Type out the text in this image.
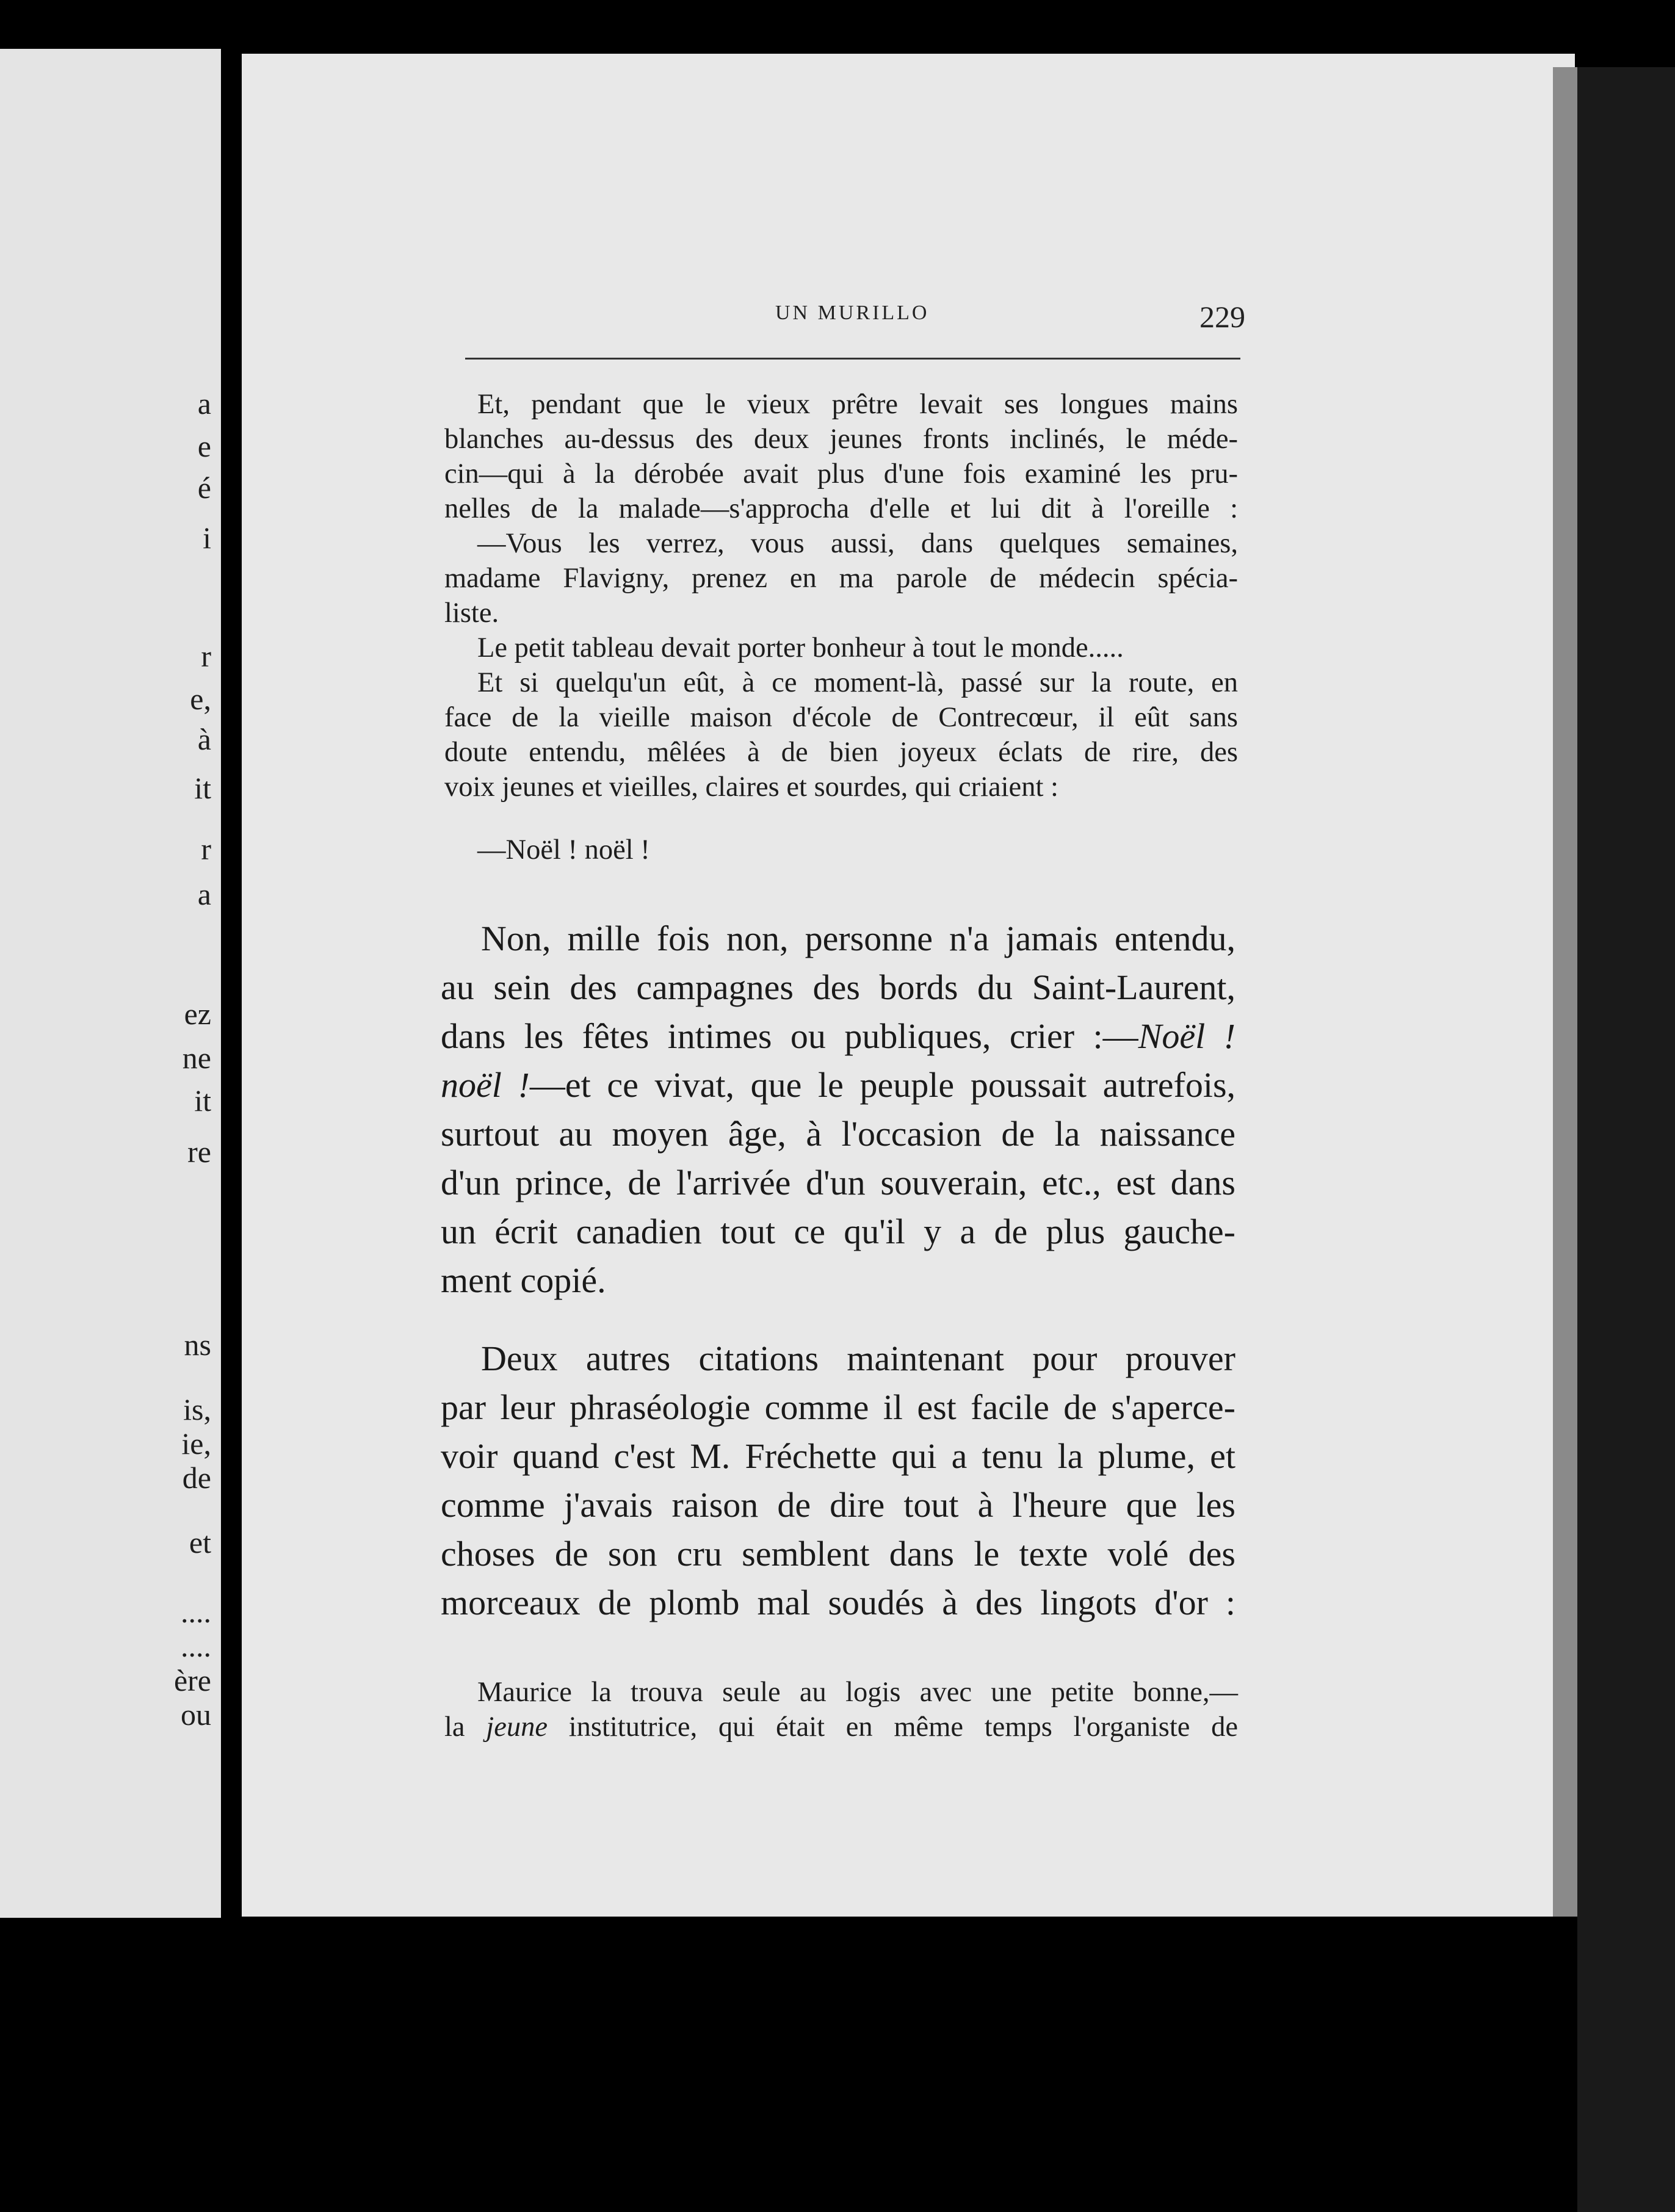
a
e
é
i
r
e,
à
it
r
a
ez
ne
it
re
ns
is,
ie,
de
et
....
....
ère
ou
UN MURILLO	229

Et, pendant que le vieux prêtre levait ses longues mains
blanches au-dessus des deux jeunes fronts inclinés, le méde-
cin—qui à la dérobée avait plus d'une fois examiné les pru-
nelles de la malade—s'approcha d'elle et lui dit à l'oreille :
—Vous les verrez, vous aussi, dans quelques semaines,
madame Flavigny, prenez en ma parole de médecin spécia-
liste.
Le petit tableau devait porter bonheur à tout le monde.....
Et si quelqu'un eût, à ce moment-là, passé sur la route, en
face de la vieille maison d'école de Contrecœur, il eût sans
doute entendu, mêlées à de bien joyeux éclats de rire, des
voix jeunes et vieilles, claires et sourdes, qui criaient :

—Noël ! noël !

Non, mille fois non, personne n'a jamais entendu,
au sein des campagnes des bords du Saint-Laurent,
dans les fêtes intimes ou publiques, crier :—Noël !
noël !—et ce vivat, que le peuple poussait autrefois,
surtout au moyen âge, à l'occasion de la naissance
d'un prince, de l'arrivée d'un souverain, etc., est dans
un écrit canadien tout ce qu'il y a de plus gauche-
ment copié.

Deux autres citations maintenant pour prouver
par leur phraséologie comme il est facile de s'aperce-
voir quand c'est M. Fréchette qui a tenu la plume, et
comme j'avais raison de dire tout à l'heure que les
choses de son cru semblent dans le texte volé des
morceaux de plomb mal soudés à des lingots d'or :

Maurice la trouva seule au logis avec une petite bonne,—
la jeune institutrice, qui était en même temps l'organiste de
